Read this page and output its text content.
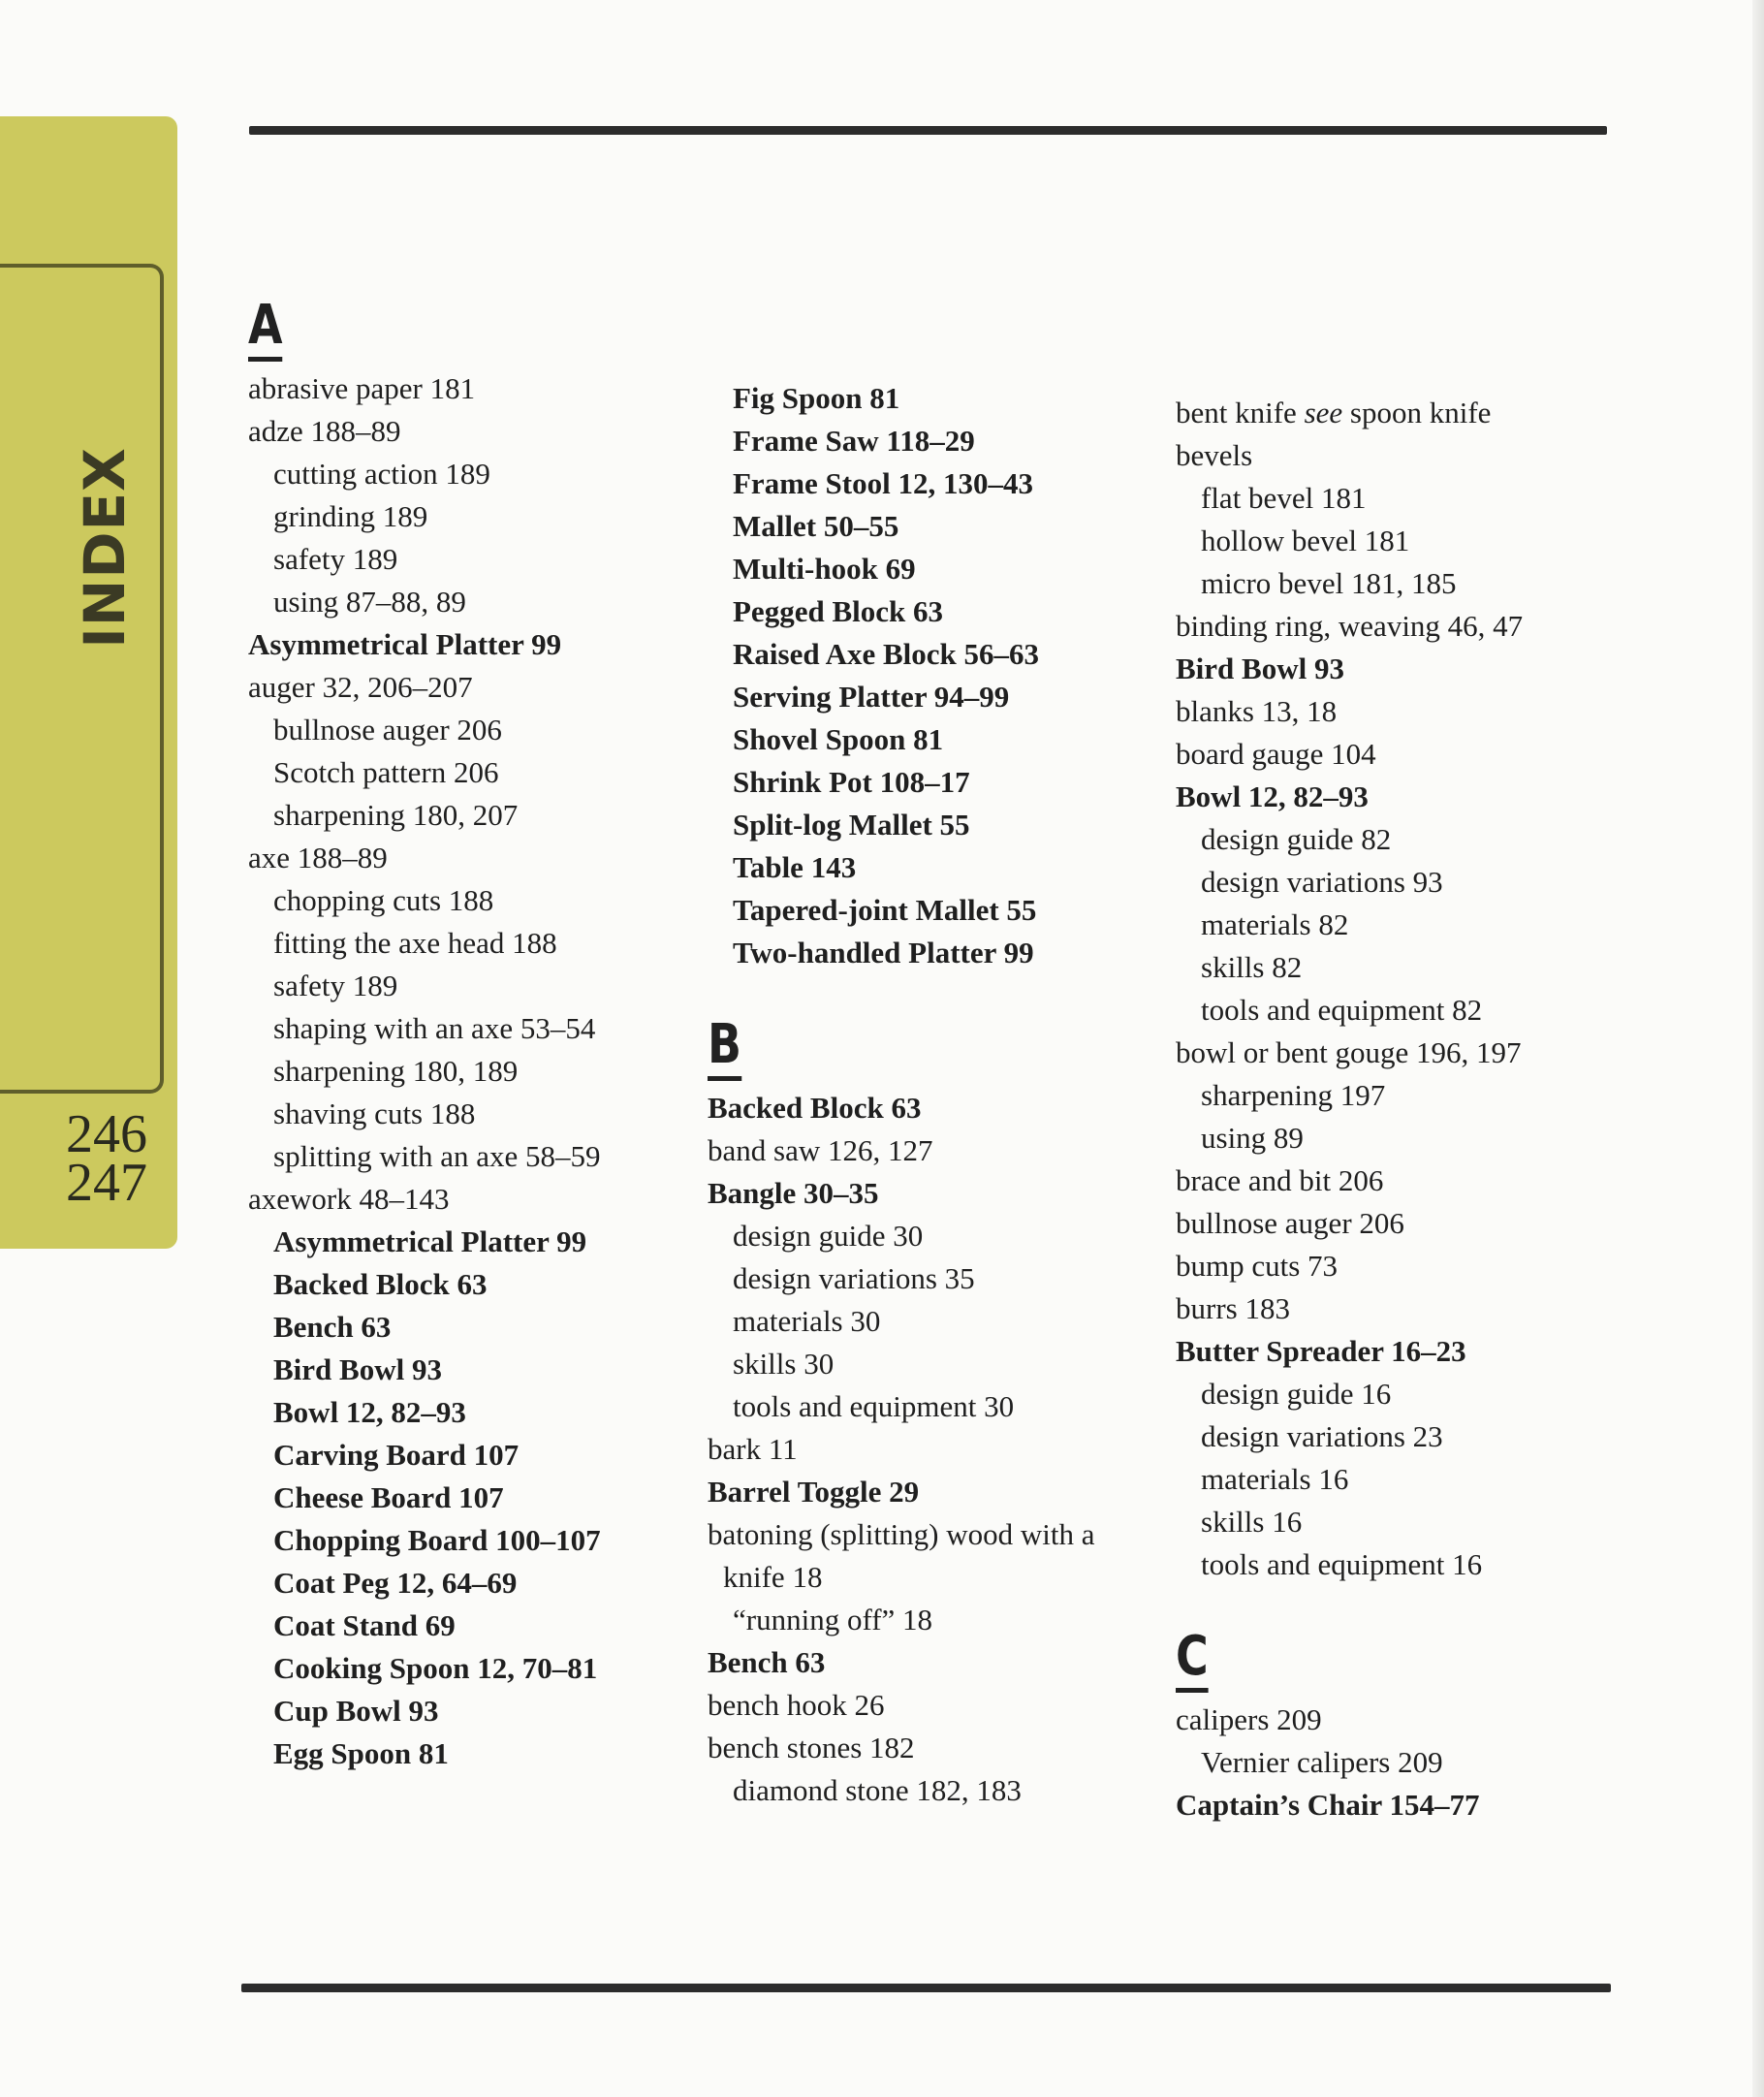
INDEX
246
247
A
abrasive paper 181
adze 188–89
cutting action 189
grinding 189
safety 189
using 87–88, 89
Asymmetrical Platter 99
auger 32, 206–207
bullnose auger 206
Scotch pattern 206
sharpening 180, 207
axe 188–89
chopping cuts 188
fitting the axe head 188
safety 189
shaping with an axe 53–54
sharpening 180, 189
shaving cuts 188
splitting with an axe 58–59
axework 48–143
Asymmetrical Platter 99
Backed Block 63
Bench 63
Bird Bowl 93
Bowl 12, 82–93
Carving Board 107
Cheese Board 107
Chopping Board 100–107
Coat Peg 12, 64–69
Coat Stand 69
Cooking Spoon 12, 70–81
Cup Bowl 93
Egg Spoon 81
Fig Spoon 81
Frame Saw 118–29
Frame Stool 12, 130–43
Mallet 50–55
Multi-hook 69
Pegged Block 63
Raised Axe Block 56–63
Serving Platter 94–99
Shovel Spoon 81
Shrink Pot 108–17
Split-log Mallet 55
Table 143
Tapered-joint Mallet 55
Two-handled Platter 99
B
Backed Block 63
band saw 126, 127
Bangle 30–35
design guide 30
design variations 35
materials 30
skills 30
tools and equipment 30
bark 11
Barrel Toggle 29
batoning (splitting) wood with a
knife 18
“running off” 18
Bench 63
bench hook 26
bench stones 182
diamond stone 182, 183
bent knife see spoon knife
bevels
flat bevel 181
hollow bevel 181
micro bevel 181, 185
binding ring, weaving 46, 47
Bird Bowl 93
blanks 13, 18
board gauge 104
Bowl 12, 82–93
design guide 82
design variations 93
materials 82
skills 82
tools and equipment 82
bowl or bent gouge 196, 197
sharpening 197
using 89
brace and bit 206
bullnose auger 206
bump cuts 73
burrs 183
Butter Spreader 16–23
design guide 16
design variations 23
materials 16
skills 16
tools and equipment 16
C
calipers 209
Vernier calipers 209
Captain’s Chair 154–77
